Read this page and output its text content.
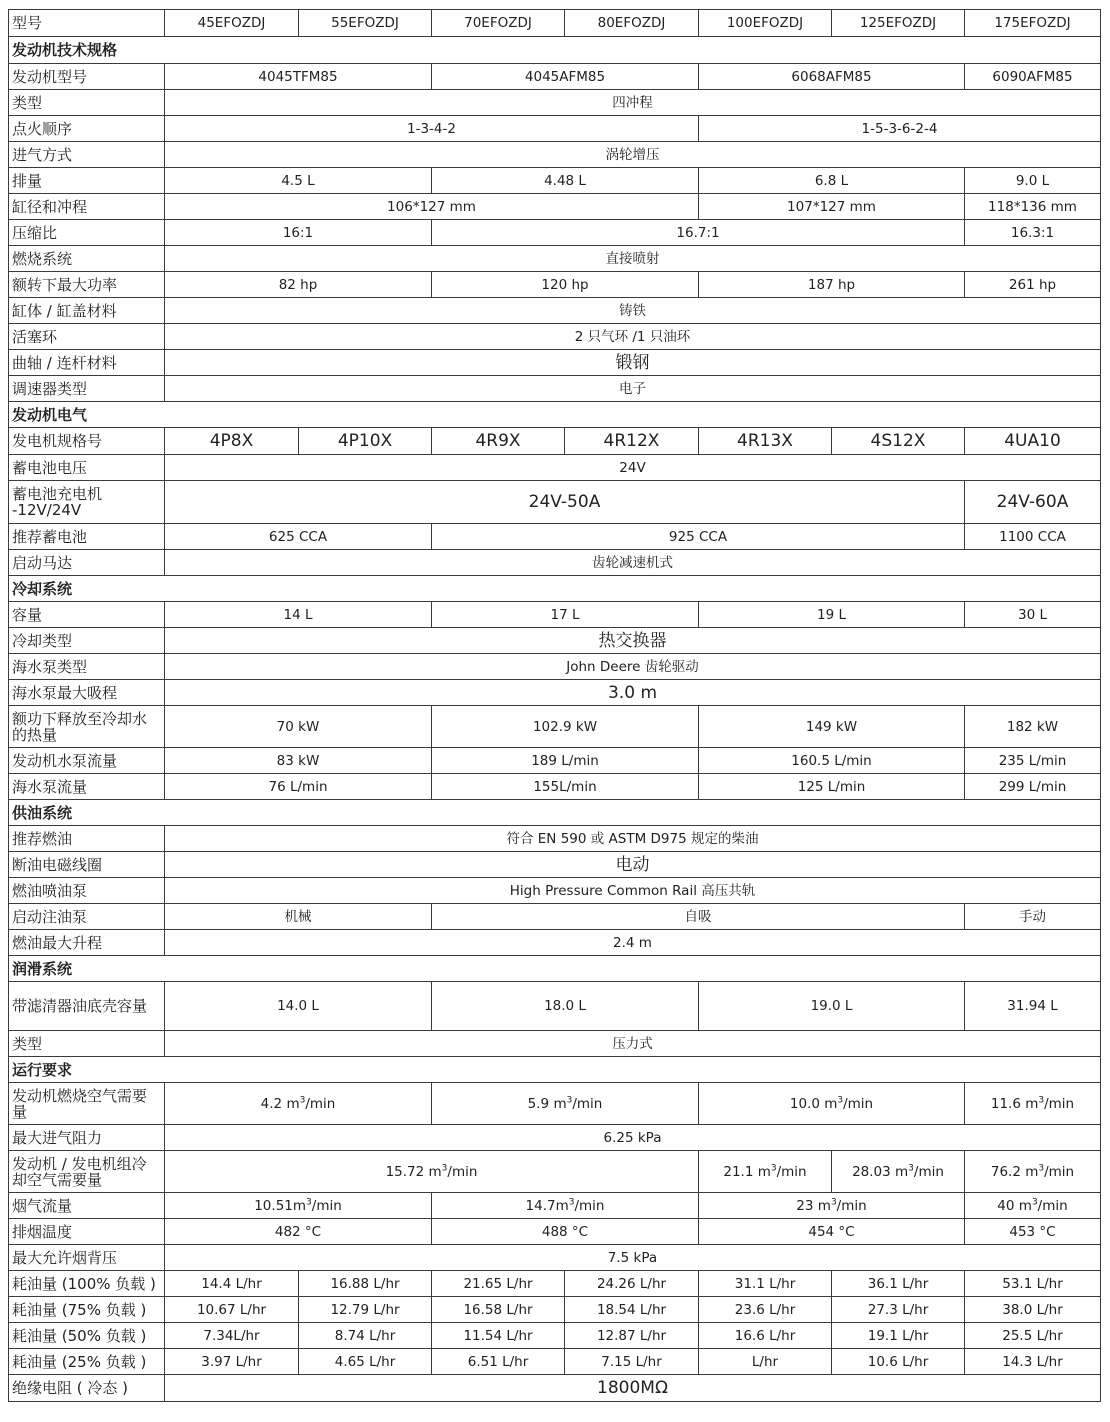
型号	45EFOZDJ	55EFOZDJ	70EFOZDJ	80EFOZDJ	100EFOZDJ	125EFOZDJ	175EFOZDJ
发动机技术规格							
发动机型号	4045TFM85		4045AFM85		6068AFM85		6090AFM85
类型	四冲程						
点火顺序	1-3-4-2				1-5-3-6-2-4		
进气方式	涡轮增压						
排量	4.5 L		4.48 L		6.8 L		9.0 L
缸径和冲程	106*127 mm				107*127 mm		118*136 mm
压缩比	16:1		16.7:1				16.3:1
燃烧系统	直接喷射						
额转下最大功率	82 hp		120 hp		187 hp		261 hp
缸体 / 缸盖材料	铸铁						
活塞环	2 只气环 /1 只油环						
曲轴 / 连杆材料	锻钢						
调速器类型	电子						
发动机电气							
发电机规格号	4P8X	4P10X	4R9X	4R12X	4R13X	4S12X	4UA10
蓄电池电压	24V						
蓄电池充电机 -12V/24V	24V-50A						24V-60A
推荐蓄电池	625 CCA		925 CCA				1100 CCA
启动马达	齿轮减速机式						
冷却系统							
容量	14 L		17 L		19 L		30 L
冷却类型	热交换器						
海水泵类型	John Deere 齿轮驱动						
海水泵最大吸程	3.0 m						
额功下释放至冷却水的热量	70 kW		102.9 kW		149 kW		182 kW
发动机水泵流量	83 kW		189 L/min		160.5 L/min		235 L/min
海水泵流量	76 L/min		155L/min		125 L/min		299 L/min
供油系统							
推荐燃油	符合 EN 590 或 ASTM D975 规定的柴油						
断油电磁线圈	电动						
燃油喷油泵	High Pressure Common Rail 高压共轨						
启动注油泵	机械		自吸				手动
燃油最大升程	2.4 m						
润滑系统							
带滤清器油底壳容量	14.0 L		18.0 L		19.0 L		31.94 L
类型	压力式						
运行要求							
发动机燃烧空气需要量	4.2 $m^3/\min$		5.9 $m^3/\min$		10.0 $m^3/\min$		11.6 $m^3/\min$
最大进气阻力	6.25 kPa						
发动机 / 发电机组冷却空气需要量	15.72 $m^3/\min$				21.1 $m^3/\min$	28.03 $m^3/\min$	76.2 $m^3/\min$
烟气流量	$10.51m^3/\min$		$14.7m^3/\min$		23 $m^3/\min$		40 $m^3/\min$
排烟温度	482 °C		488 °C		454 °C		453 °C
最大允许烟背压	7.5 kPa						
耗油量 (100% 负载 )	14.4 L/hr	16.88 L/hr	21.65 L/hr	24.26 L/hr	31.1 L/hr	36.1 L/hr	53.1 L/hr
耗油量 (75% 负载 )	10.67 L/hr	12.79 L/hr	16.58 L/hr	18.54 L/hr	23.6 L/hr	27.3 L/hr	38.0 L/hr
耗油量 (50% 负载 )	7.34L/hr	8.74 L/hr	11.54 L/hr	12.87 L/hr	16.6 L/hr	19.1 L/hr	25.5 L/hr
耗油量 (25% 负载 )	3.97 L/hr	4.65 L/hr	6.51 L/hr	7.15 L/hr	L/hr	10.6 L/hr	14.3 L/hr
绝缘电阻 ( 冷态 )	1800MΩ						
